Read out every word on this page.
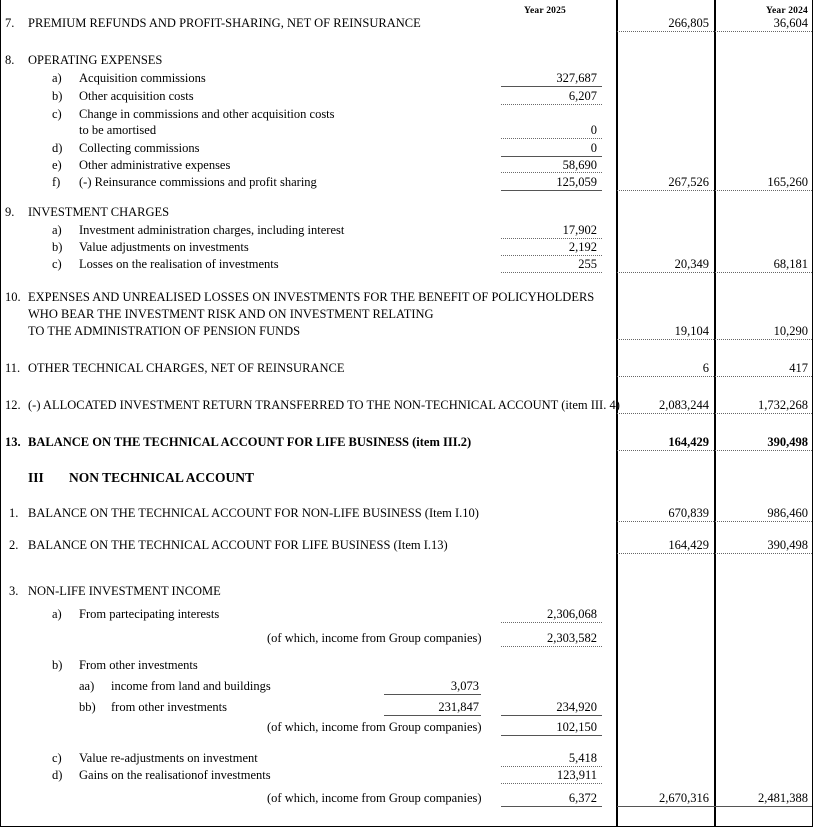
Year 2025	Year 2024
7.	PREMIUM REFUNDS AND PROFIT-SHARING, NET OF REINSURANCE	266,805	36,604
8.	OPERATING EXPENSES
a)	Acquisition commissions	327,687
b)	Other acquisition costs	6,207
c)	Change in commissions and other acquisition costs
to be amortised	0
d)	Collecting commissions	0
e)	Other administrative expenses	58,690
f)	(-) Reinsurance commissions and profit sharing	125,059	267,526	165,260
9.	INVESTMENT CHARGES
a)	Investment administration charges, including interest	17,902
b)	Value adjustments on investments	2,192
c)	Losses on the realisation of investments	255	20,349	68,181
10. EXPENSES AND UNREALISED LOSSES ON INVESTMENTS FOR THE BENEFIT OF POLICYHOLDERS
WHO BEAR THE INVESTMENT RISK AND ON INVESTMENT RELATING
TO THE ADMINISTRATION OF PENSION FUNDS	19,104	10,290
11. OTHER TECHNICAL CHARGES, NET OF REINSURANCE	6	417
12. (-) ALLOCATED INVESTMENT RETURN TRANSFERRED TO THE NON-TECHNICAL ACCOUNT (item III. 4)	2,083,244	1,732,268
13. BALANCE ON THE TECHNICAL ACCOUNT FOR LIFE BUSINESS (item III.2)	164,429	390,498
III NON TECHNICAL ACCOUNT
1. BALANCE ON THE TECHNICAL ACCOUNT FOR NON-LIFE BUSINESS (Item I.10)	670,839	986,460
2. BALANCE ON THE TECHNICAL ACCOUNT FOR LIFE BUSINESS (Item I.13)	164,429	390,498
3. NON-LIFE INVESTMENT INCOME
a)	From partecipating interests	2,306,068
(of which, income from Group companies)	2,303,582
b)	From other investments
aa)	income from land and buildings	3,073
bb)	from other investments	231,847	234,920
(of which, income from Group companies)	102,150
c)	Value re-adjustments on investment	5,418
d)	Gains on the realisationof investments	123,911
(of which, income from Group companies)	6,372	2,670,316	2,481,388
